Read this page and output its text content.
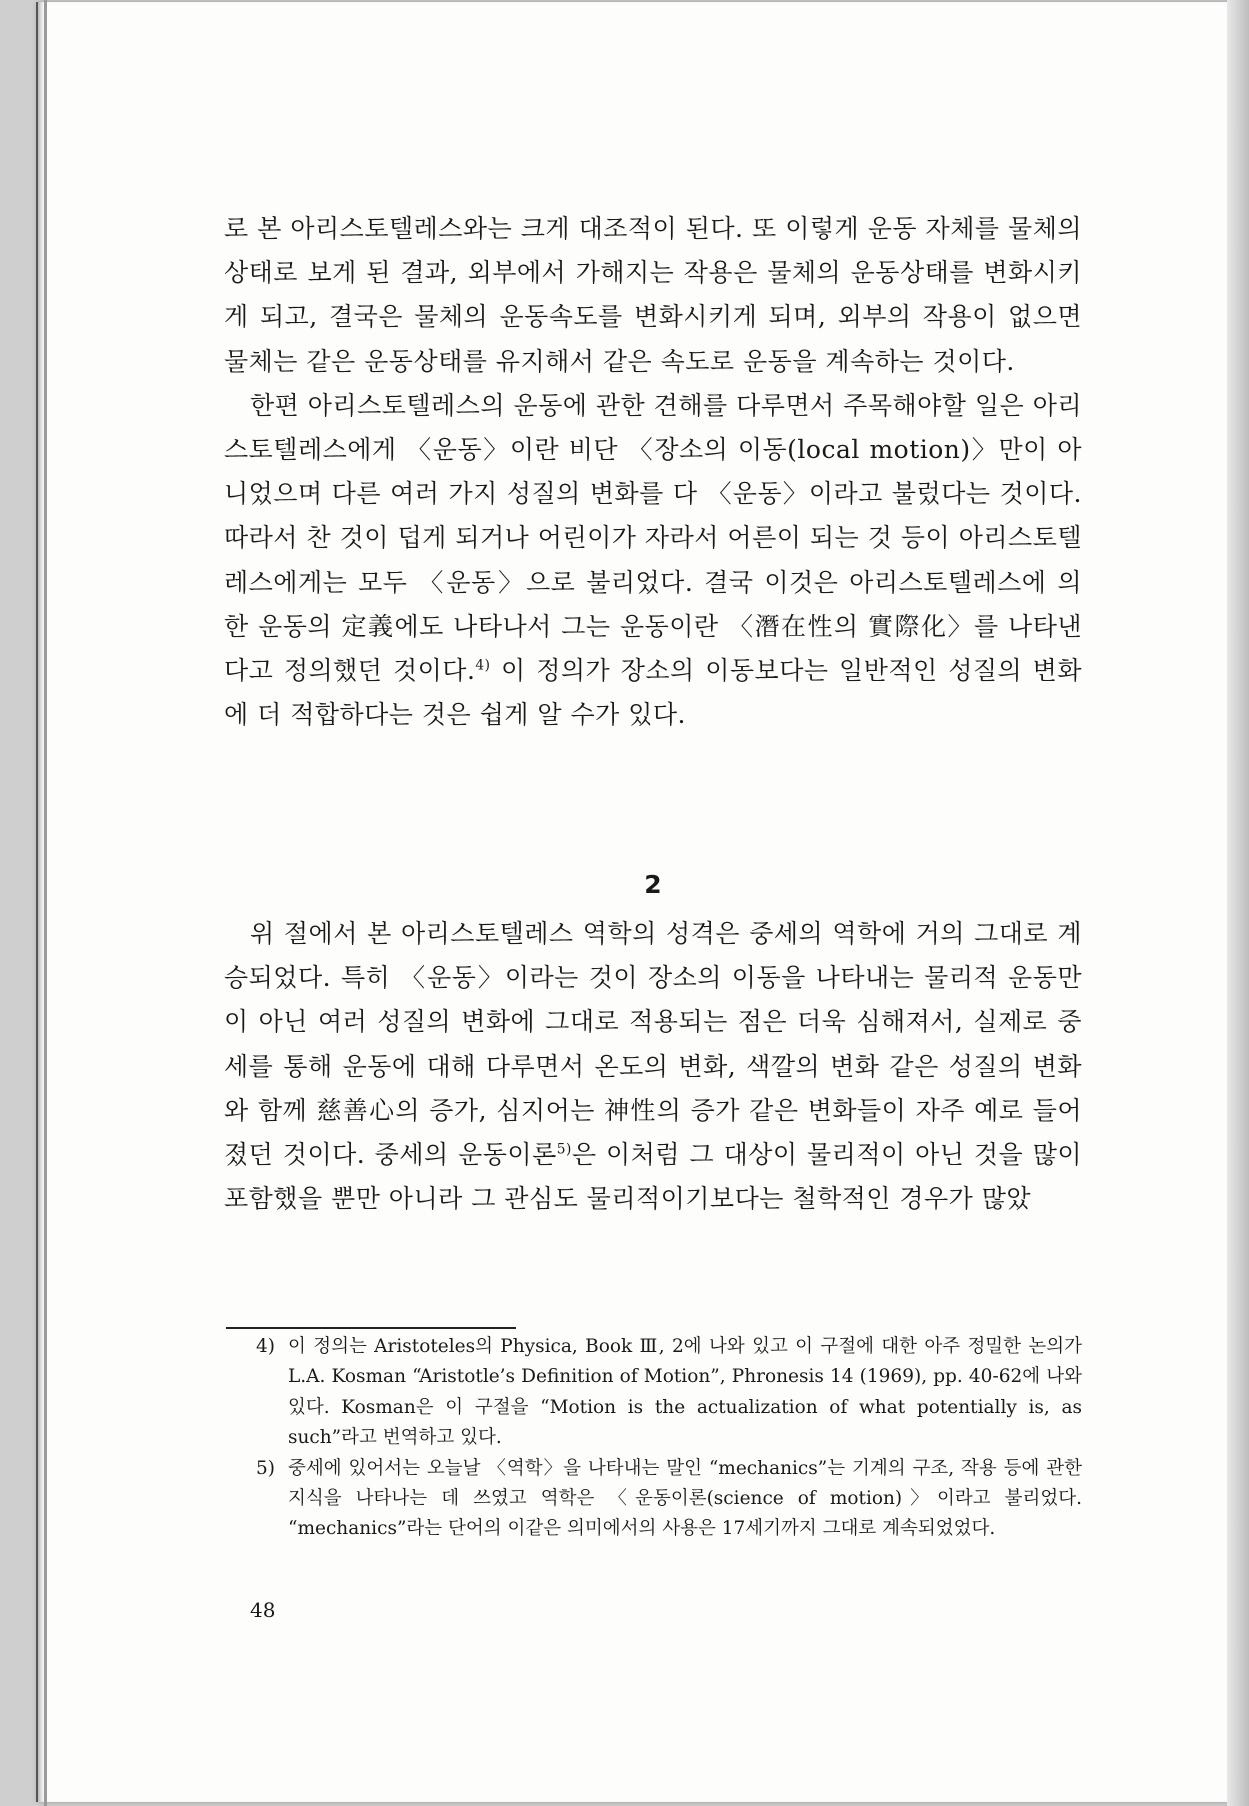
로 본 아리스토텔레스와는 크게 대조적이 된다. 또 이렇게 운동 자체를 물체의 상태로 보게 된 결과, 외부에서 가해지는 작용은 물체의 운동상태를 변화시키게 되고, 결국은 물체의 운동속도를 변화시키게 되며, 외부의 작용이 없으면 물체는 같은 운동상태를 유지해서 같은 속도로 운동을 계속하는 것이다.

한편 아리스토텔레스의 운동에 관한 견해를 다루면서 주목해야할 일은 아리스토텔레스에게 〈운동〉이란 비단 〈장소의 이동(local motion)〉만이 아니었으며 다른 여러 가지 성질의 변화를 다 〈운동〉이라고 불렀다는 것이다. 따라서 찬 것이 덥게 되거나 어린이가 자라서 어른이 되는 것 등이 아리스토텔레스에게는 모두 〈운동〉으로 불리었다. 결국 이것은 아리스토텔레스에 의한 운동의 定義에도 나타나서 그는 운동이란 〈潛在性의 實際化〉를 나타낸다고 정의했던 것이다.$^{4)}$ 이 정의가 장소의 이동보다는 일반적인 성질의 변화에 더 적합하다는 것은 쉽게 알 수가 있다.

2

위 절에서 본 아리스토텔레스 역학의 성격은 중세의 역학에 거의 그대로 계승되었다. 특히 〈운동〉이라는 것이 장소의 이동을 나타내는 물리적 운동만이 아닌 여러 성질의 변화에 그대로 적용되는 점은 더욱 심해져서, 실제로 중세를 통해 운동에 대해 다루면서 온도의 변화, 색깔의 변화 같은 성질의 변화와 함께 慈善心의 증가, 심지어는 神性의 증가 같은 변화들이 자주 예로 들어졌던 것이다. 중세의 운동이론$^{5)}$은 이처럼 그 대상이 물리적이 아닌 것을 많이 포함했을 뿐만 아니라 그 관심도 물리적이기보다는 철학적인 경우가 많았

4) 이 정의는 Aristoteles의 Physica, Book Ⅲ, 2에 나와 있고 이 구절에 대한 아주 정밀한 논의가 L.A. Kosman “Aristotle’s Definition of Motion”, Phronesis 14 (1969), pp. 40-62에 나와 있다. Kosman은 이 구절을 “Motion is the actualization of what potentially is, as such”라고 번역하고 있다.
5) 중세에 있어서는 오늘날 〈역학〉을 나타내는 말인 “mechanics”는 기계의 구조, 작용 등에 관한 지식을 나타나는 데 쓰였고 역학은 〈운동이론(science of motion)〉이라고 불리었다. “mechanics”라는 단어의 이같은 의미에서의 사용은 17세기까지 그대로 계속되었었다.
48
